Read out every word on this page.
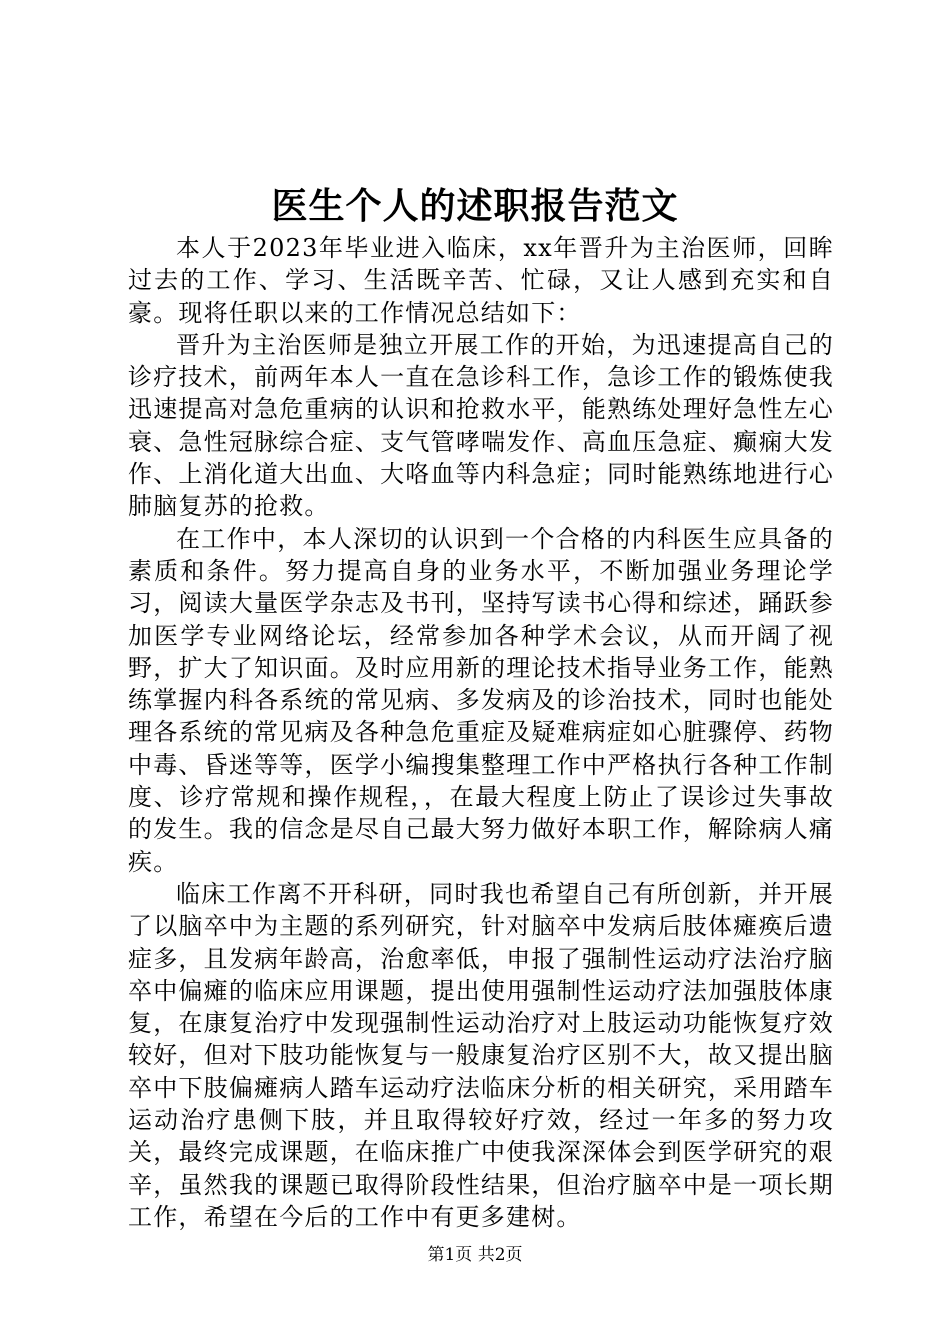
医生个人的述职报告范文

本人于2023年毕业进入临床，xx年晋升为主治医师，回眸过去的工作、学习、生活既辛苦、忙碌，又让人感到充实和自豪。现将任职以来的工作情况总结如下：

晋升为主治医师是独立开展工作的开始，为迅速提高自己的诊疗技术，前两年本人一直在急诊科工作，急诊工作的锻炼使我迅速提高对急危重病的认识和抢救水平，能熟练处理好急性左心衰、急性冠脉综合症、支气管哮喘发作、高血压急症、癫痫大发作、上消化道大出血、大咯血等内科急症；同时能熟练地进行心肺脑复苏的抢救。

在工作中，本人深切的认识到一个合格的内科医生应具备的素质和条件。努力提高自身的业务水平，不断加强业务理论学习，阅读大量医学杂志及书刊，坚持写读书心得和综述，踊跃参加医学专业网络论坛，经常参加各种学术会议，从而开阔了视野，扩大了知识面。及时应用新的理论技术指导业务工作，能熟练掌握内科各系统的常见病、多发病及的诊治技术，同时也能处理各系统的常见病及各种急危重症及疑难病症如心脏骤停、药物中毒、昏迷等等，医学小编搜集整理工作中严格执行各种工作制度、诊疗常规和操作规程，，在最大程度上防止了误诊过失事故的发生。我的信念是尽自己最大努力做好本职工作，解除病人痛疾。

临床工作离不开科研，同时我也希望自己有所创新，并开展了以脑卒中为主题的系列研究，针对脑卒中发病后肢体瘫痪后遗症多，且发病年龄高，治愈率低，申报了强制性运动疗法治疗脑卒中偏瘫的临床应用课题，提出使用强制性运动疗法加强肢体康复，在康复治疗中发现强制性运动治疗对上肢运动功能恢复疗效较好，但对下肢功能恢复与一般康复治疗区别不大，故又提出脑卒中下肢偏瘫病人踏车运动疗法临床分析的相关研究，采用踏车运动治疗患侧下肢，并且取得较好疗效，经过一年多的努力攻关，最终完成课题，在临床推广中使我深深体会到医学研究的艰辛，虽然我的课题已取得阶段性结果，但治疗脑卒中是一项长期工作，希望在今后的工作中有更多建树。

第1页 共2页
